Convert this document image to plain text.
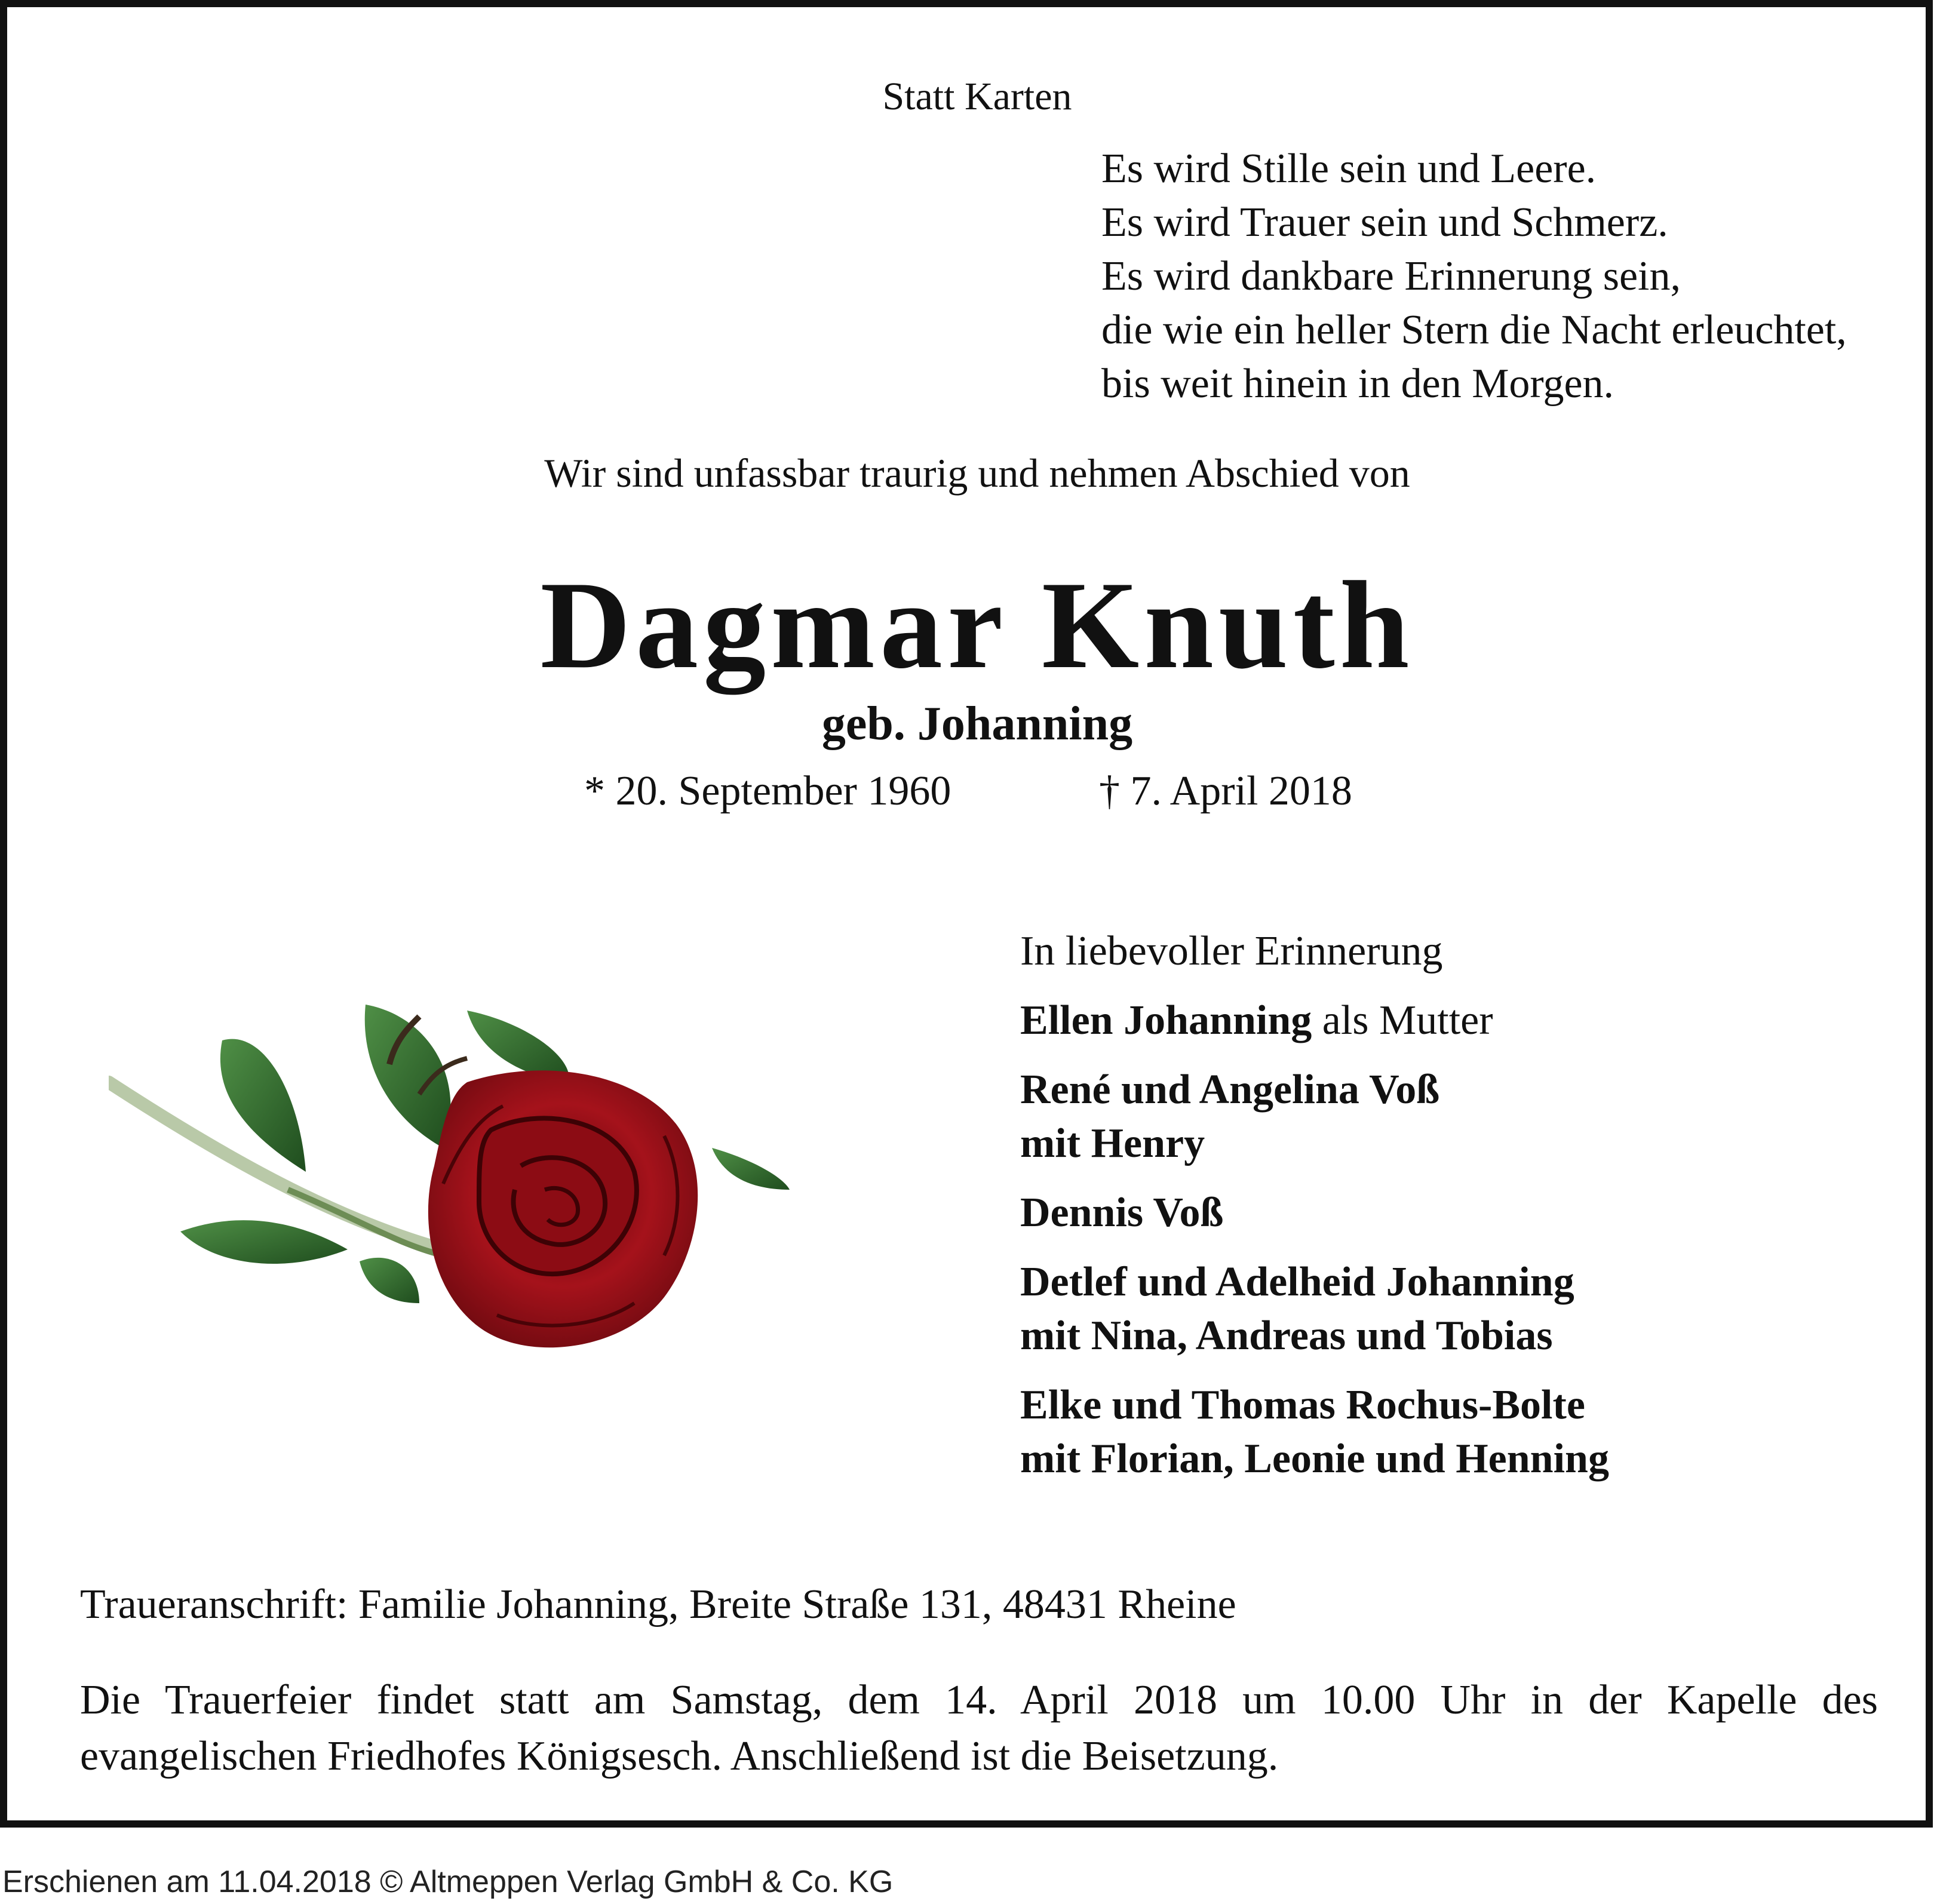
Statt Karten
Es wird Stille sein und Leere.
Es wird Trauer sein und Schmerz.
Es wird dankbare Erinnerung sein,
die wie ein heller Stern die Nacht erleuchtet,
bis weit hinein in den Morgen.
Wir sind unfassbar traurig und nehmen Abschied von
Dagmar Knuth
geb. Johanning
* 20. September 1960	† 7. April 2018
In liebevoller Erinnerung
Ellen Johanning als Mutter
René und Angelina Voß
mit Henry
Dennis Voß
Detlef und Adelheid Johanning
mit Nina, Andreas und Tobias
Elke und Thomas Rochus-Bolte
mit Florian, Leonie und Henning
Traueranschrift: Familie Johanning, Breite Straße 131, 48431 Rheine
Die Trauerfeier findet statt am Samstag, dem 14. April 2018 um 10.00 Uhr in der Kapelle des evangelischen Friedhofes Königsesch. Anschließend ist die Beisetzung.
Erschienen am 11.04.2018 © Altmeppen Verlag GmbH & Co. KG
